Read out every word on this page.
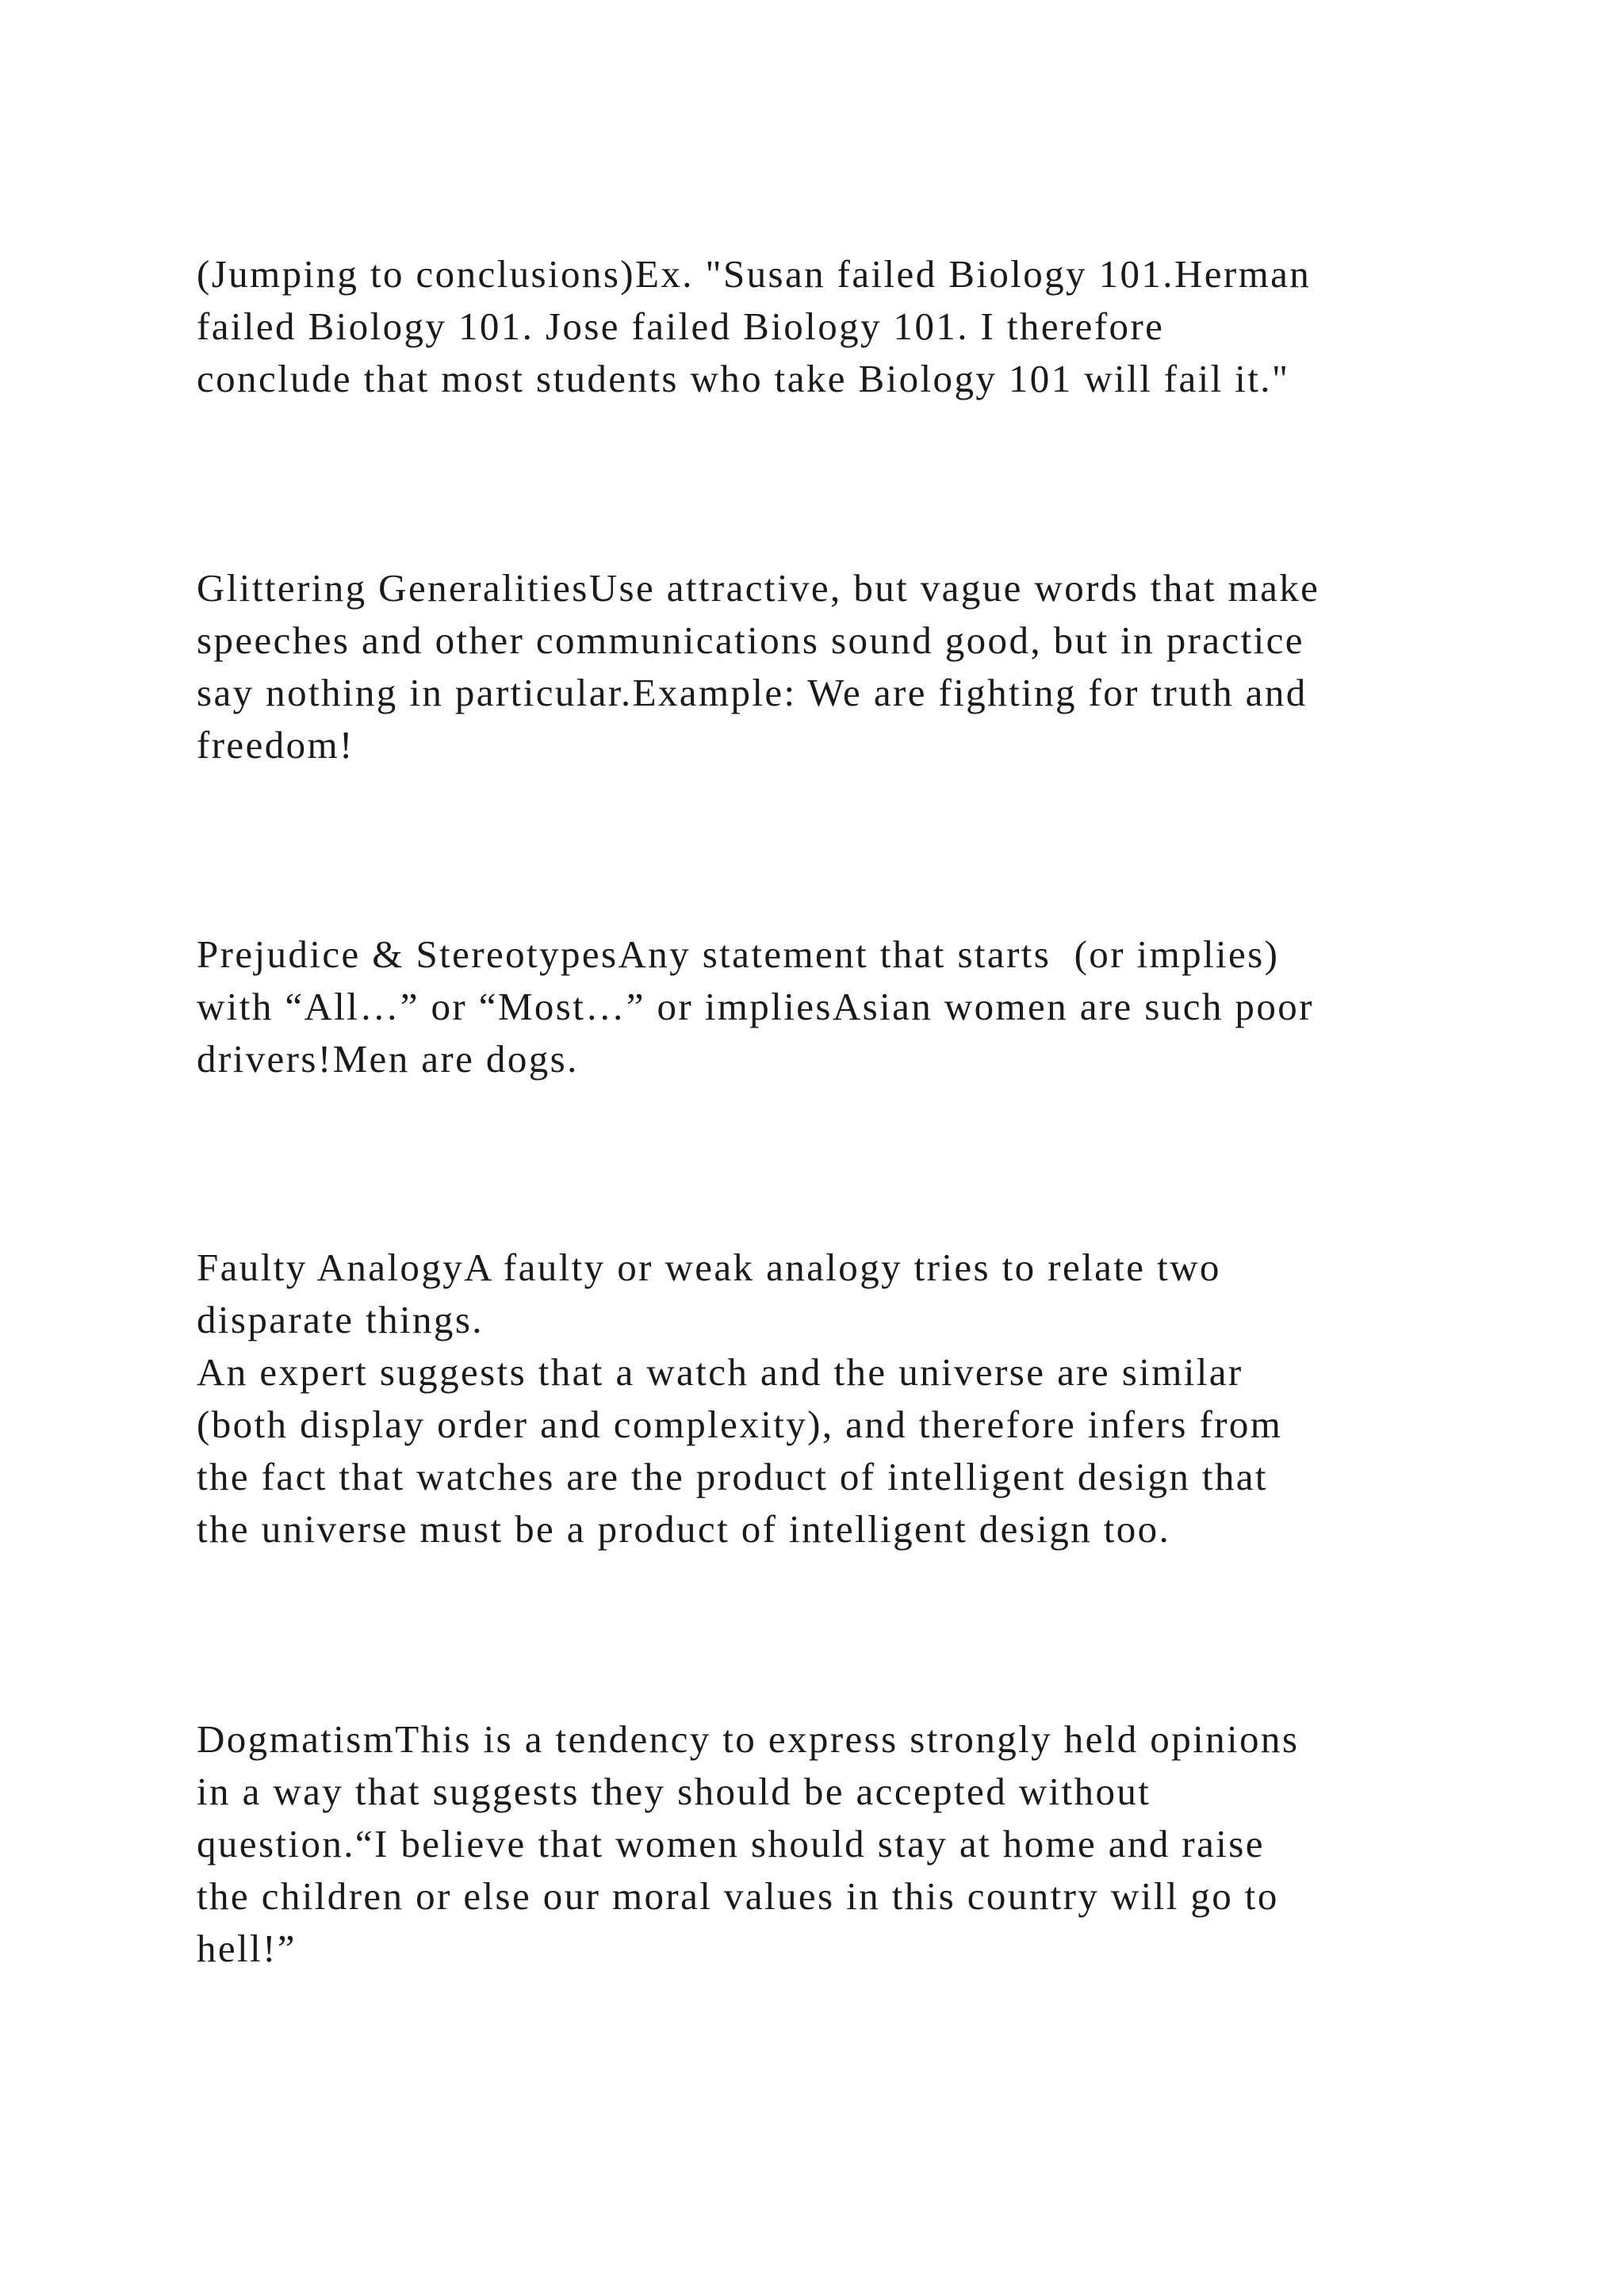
(Jumping to conclusions)Ex. "Susan failed Biology 101.Herman
failed Biology 101. Jose failed Biology 101. I therefore
conclude that most students who take Biology 101 will fail it."

Glittering GeneralitiesUse attractive, but vague words that make
speeches and other communications sound good, but in practice
say nothing in particular.Example: We are fighting for truth and
freedom!

Prejudice & StereotypesAny statement that starts  (or implies)
with “All…” or “Most…” or impliesAsian women are such poor
drivers!Men are dogs.

Faulty AnalogyA faulty or weak analogy tries to relate two
disparate things.
An expert suggests that a watch and the universe are similar
(both display order and complexity), and therefore infers from
the fact that watches are the product of intelligent design that
the universe must be a product of intelligent design too.

DogmatismThis is a tendency to express strongly held opinions
in a way that suggests they should be accepted without
question.“I believe that women should stay at home and raise
the children or else our moral values in this country will go to
hell!”
